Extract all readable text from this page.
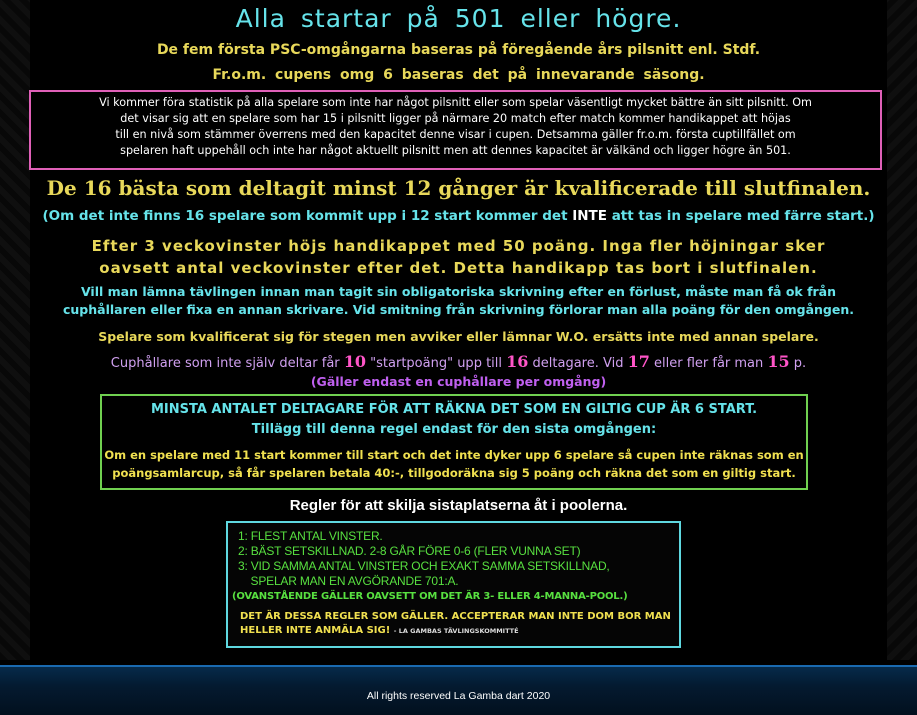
Alla startar på 501 eller högre.
De fem första PSC-omgångarna baseras på föregående års pilsnitt enl. Stdf.
Fr.o.m. cupens omg 6 baseras det på innevarande säsong.
Vi kommer föra statistik på alla spelare som inte har något pilsnitt eller som spelar väsentligt mycket bättre än sitt pilsnitt. Om
det visar sig att en spelare som har 15 i pilsnitt ligger på närmare 20 match efter match kommer handikappet att höjas
till en nivå som stämmer överrens med den kapacitet denne visar i cupen. Detsamma gäller fr.o.m. första cuptillfället om
spelaren haft uppehåll och inte har något aktuellt pilsnitt men att dennes kapacitet är välkänd och ligger högre än 501.
De 16 bästa som deltagit minst 12 gånger är kvalificerade till slutfinalen.
(Om det inte finns 16 spelare som kommit upp i 12 start kommer det INTE att tas in spelare med färre start.)
Efter 3 veckovinster höjs handikappet med 50 poäng. Inga fler höjningar sker
oavsett antal veckovinster efter det. Detta handikapp tas bort i slutfinalen.
Vill man lämna tävlingen innan man tagit sin obligatoriska skrivning efter en förlust, måste man få ok från
cuphållaren eller fixa en annan skrivare. Vid smitning från skrivning förlorar man alla poäng för den omgången.
Spelare som kvalificerat sig för stegen men avviker eller lämnar W.O. ersätts inte med annan spelare.
Cuphållare som inte själv deltar får 10 "startpoäng" upp till 16 deltagare. Vid 17 eller fler får man 15 p.
(Gäller endast en cuphållare per omgång)
MINSTA ANTALET DELTAGARE FÖR ATT RÄKNA DET SOM EN GILTIG CUP ÄR 6 START.
Tillägg till denna regel endast för den sista omgången:
Om en spelare med 11 start kommer till start och det inte dyker upp 6 spelare så cupen inte räknas som en
poängsamlarcup, så får spelaren betala 40:-, tillgodoräkna sig 5 poäng och räkna det som en giltig start.
Regler för att skilja sistaplatserna åt i poolerna.
1: FLEST ANTAL VINSTER.
2: BÄST SETSKILLNAD. 2-8 GÅR FÖRE 0-6 (FLER VUNNA SET)
3: VID SAMMA ANTAL VINSTER OCH EXAKT SAMMA SETSKILLNAD,
SPELAR MAN EN AVGÖRANDE 701:A.
(OVANSTÅENDE GÄLLER OAVSETT OM DET ÄR 3- ELLER 4-MANNA-POOL.)
DET ÄR DESSA REGLER SOM GÄLLER. ACCEPTERAR MAN INTE DOM BOR MAN
HELLER INTE ANMÄLA SIG! - LA GAMBAS TÄVLINGSKOMMITTÉ
All rights reserved La Gamba dart 2020
